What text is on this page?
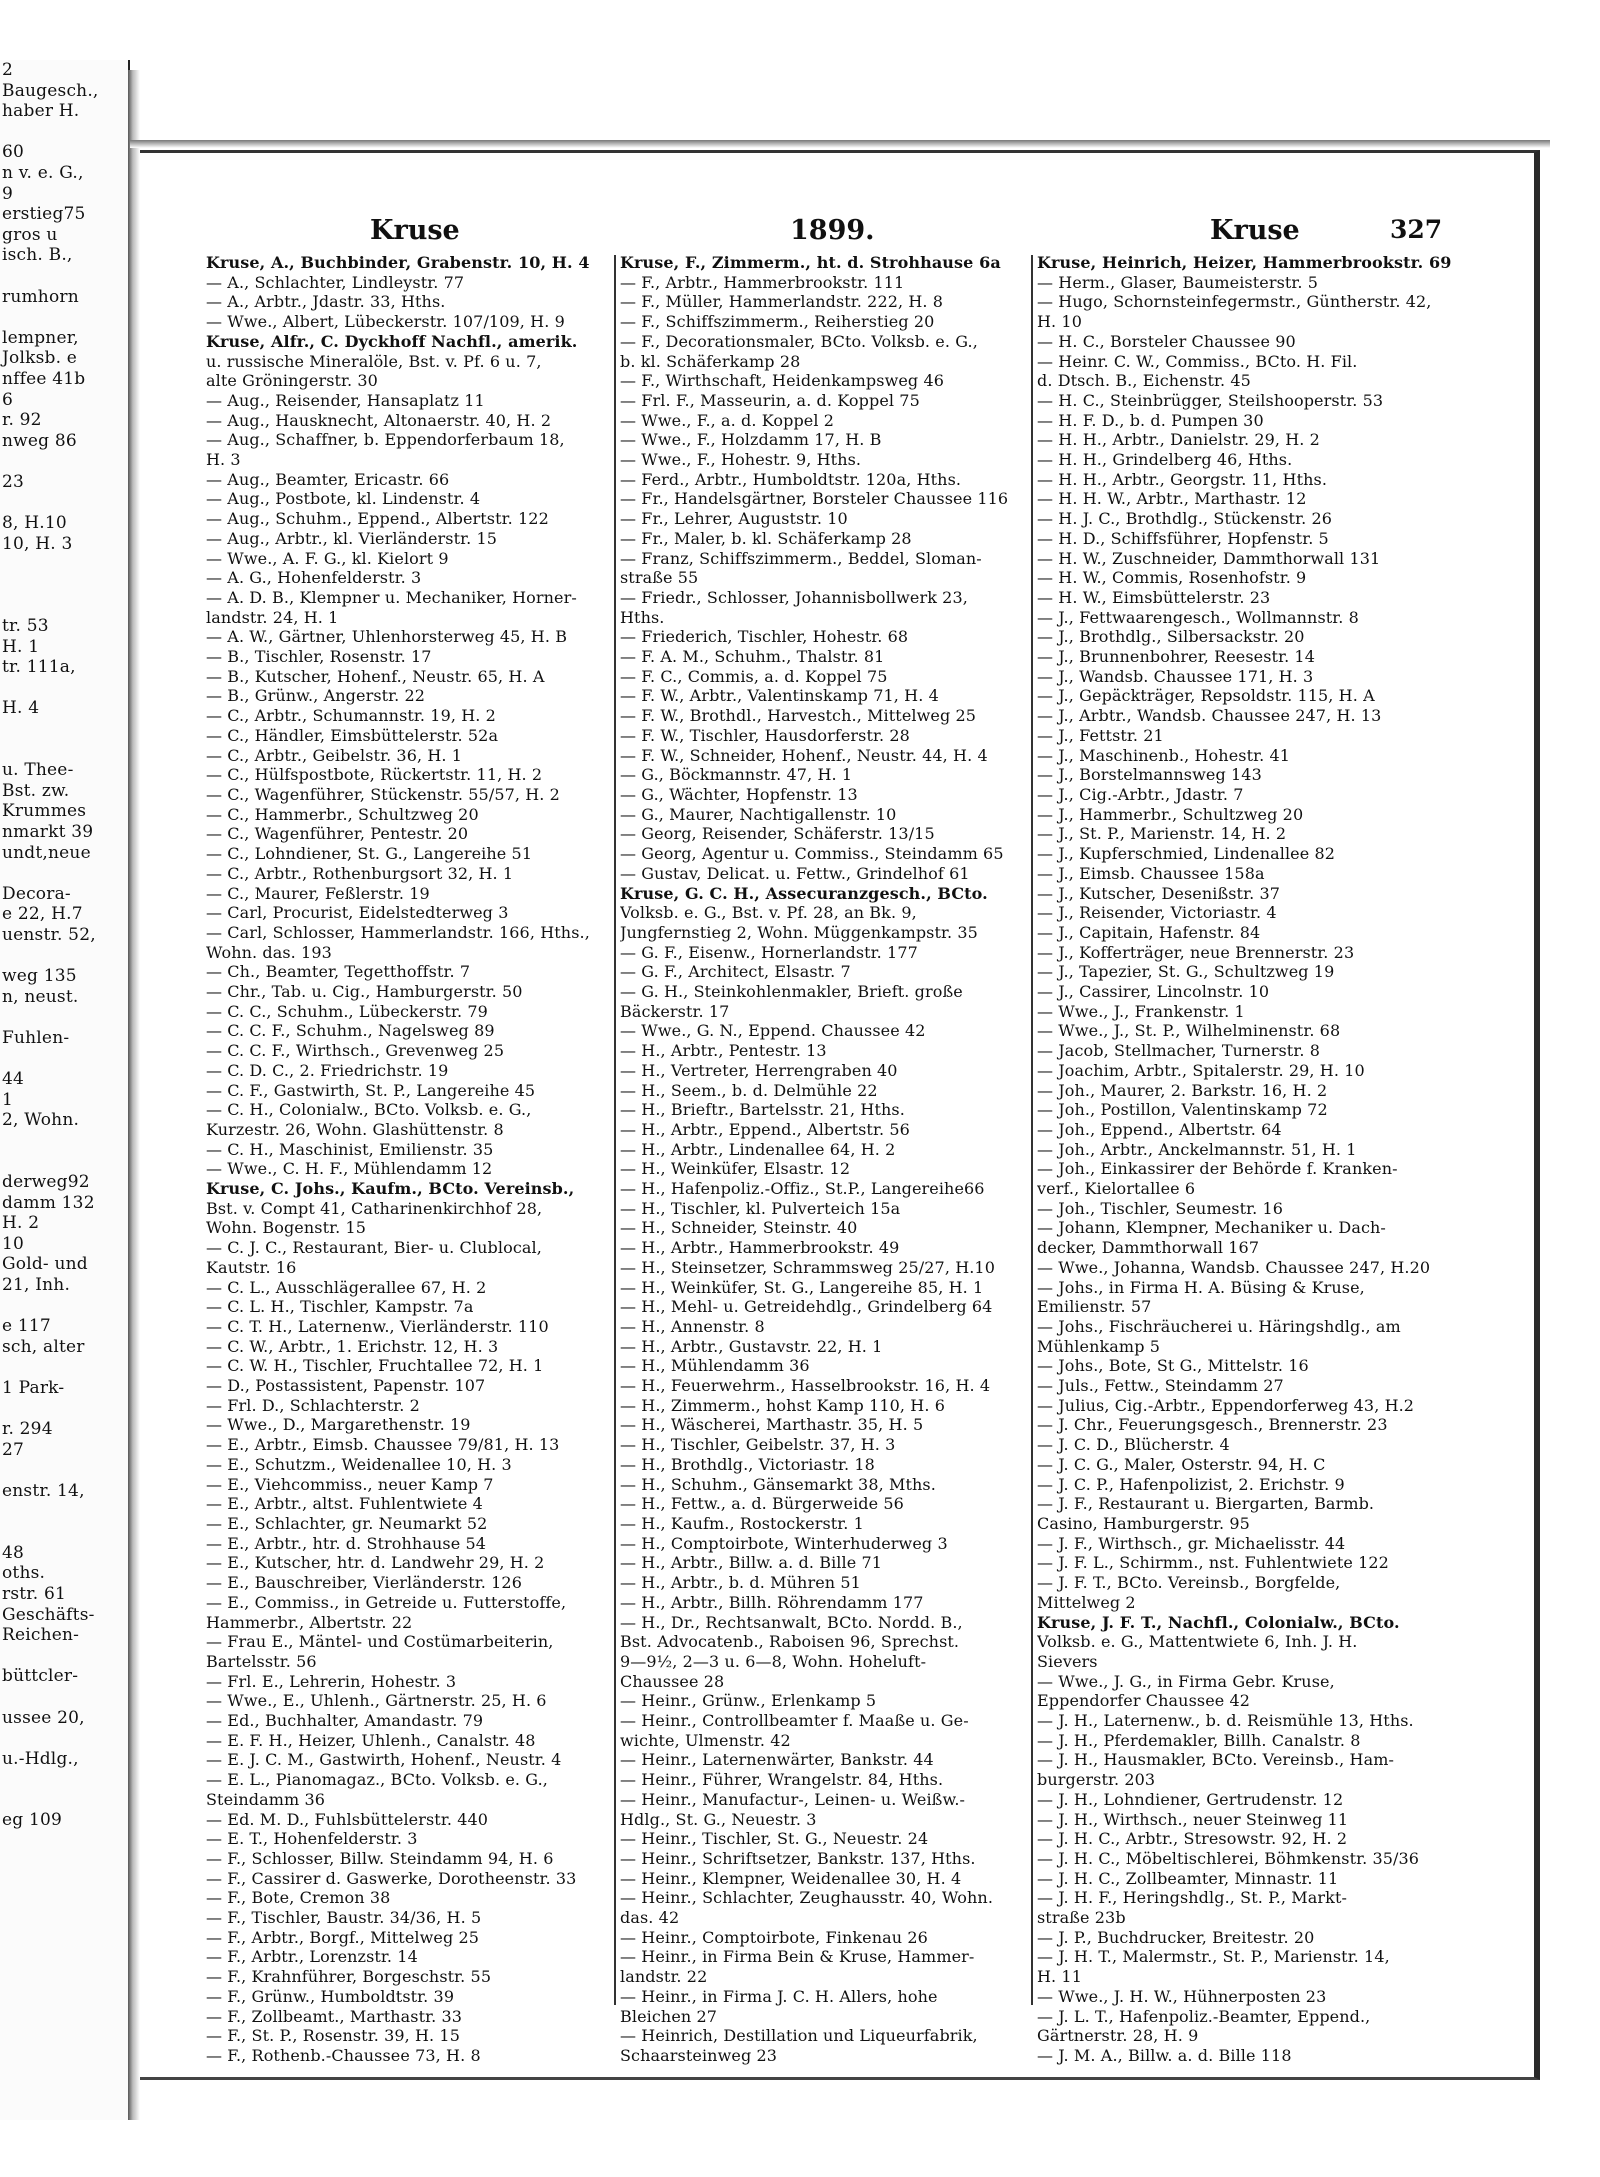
2
Baugesch.,
haber H.

60
n v. e. G.,
9
erstieg75
gros u
isch. B.,

rumhorn

lempner,
Jolksb. e
nffee 41b
6
r. 92
nweg 86

23

8, H.10
10, H. 3

tr. 53
H. 1
tr. 111a,

H. 4

u. Thee-
Bst. zw.
Krummes
nmarkt 39
undt,neue

Decora-
e 22, H.7
uenstr. 52,

weg 135
n, neust.

Fuhlen-

44
1
2, Wohn.

derweg92
damm 132
H. 2
10
Gold- und
21, Inh.

e 117
sch, alter

1 Park-

r. 294
27

enstr. 14,

48
oths.
rstr. 61
Geschäfts-
Reichen-

büttcler-

ussee 20,

u.-Hdlg.,

eg 109
Kruse	1899.	Kruse	327
Kruse, A., Buchbinder, Grabenstr. 10, H. 4
— A., Schlachter, Lindleystr. 77
— A., Arbtr., Jdastr. 33, Hths.
— Wwe., Albert, Lübeckerstr. 107/109, H. 9
Kruse, Alfr., C. Dyckhoff Nachfl., amerik.
u. russische Mineralöle, Bst. v. Pf. 6 u. 7,
alte Gröningerstr. 30
— Aug., Reisender, Hansaplatz 11
— Aug., Hausknecht, Altonaerstr. 40, H. 2
— Aug., Schaffner, b. Eppendorferbaum 18,
H. 3
— Aug., Beamter, Ericastr. 66
— Aug., Postbote, kl. Lindenstr. 4
— Aug., Schuhm., Eppend., Albertstr. 122
— Aug., Arbtr., kl. Vierländerstr. 15
— Wwe., A. F. G., kl. Kielort 9
— A. G., Hohenfelderstr. 3
— A. D. B., Klempner u. Mechaniker, Horner-
landstr. 24, H. 1
— A. W., Gärtner, Uhlenhorsterweg 45, H. B
— B., Tischler, Rosenstr. 17
— B., Kutscher, Hohenf., Neustr. 65, H. A
— B., Grünw., Angerstr. 22
— C., Arbtr., Schumannstr. 19, H. 2
— C., Händler, Eimsbüttelerstr. 52a
— C., Arbtr., Geibelstr. 36, H. 1
— C., Hülfspostbote, Rückertstr. 11, H. 2
— C., Wagenführer, Stückenstr. 55/57, H. 2
— C., Hammerbr., Schultzweg 20
— C., Wagenführer, Pentestr. 20
— C., Lohndiener, St. G., Langereihe 51
— C., Arbtr., Rothenburgsort 32, H. 1
— C., Maurer, Feßlerstr. 19
— Carl, Procurist, Eidelstedterweg 3
— Carl, Schlosser, Hammerlandstr. 166, Hths.,
Wohn. das. 193
— Ch., Beamter, Tegetthoffstr. 7
— Chr., Tab. u. Cig., Hamburgerstr. 50
— C. C., Schuhm., Lübeckerstr. 79
— C. C. F., Schuhm., Nagelsweg 89
— C. C. F., Wirthsch., Grevenweg 25
— C. D. C., 2. Friedrichstr. 19
— C. F., Gastwirth, St. P., Langereihe 45
— C. H., Colonialw., BCto. Volksb. e. G.,
Kurzestr. 26, Wohn. Glashüttenstr. 8
— C. H., Maschinist, Emilienstr. 35
— Wwe., C. H. F., Mühlendamm 12
Kruse, C. Johs., Kaufm., BCto. Vereinsb.,
Bst. v. Compt 41, Catharinenkirchhof 28,
Wohn. Bogenstr. 15
— C. J. C., Restaurant, Bier- u. Clublocal,
Kautstr. 16
— C. L., Ausschlägerallee 67, H. 2
— C. L. H., Tischler, Kampstr. 7a
— C. T. H., Laternenw., Vierländerstr. 110
— C. W., Arbtr., 1. Erichstr. 12, H. 3
— C. W. H., Tischler, Fruchtallee 72, H. 1
— D., Postassistent, Papenstr. 107
— Frl. D., Schlachterstr. 2
— Wwe., D., Margarethenstr. 19
— E., Arbtr., Eimsb. Chaussee 79/81, H. 13
— E., Schutzm., Weidenallee 10, H. 3
— E., Viehcommiss., neuer Kamp 7
— E., Arbtr., altst. Fuhlentwiete 4
— E., Schlachter, gr. Neumarkt 52
— E., Arbtr., htr. d. Strohhause 54
— E., Kutscher, htr. d. Landwehr 29, H. 2
— E., Bauschreiber, Vierländerstr. 126
— E., Commiss., in Getreide u. Futterstoffe,
Hammerbr., Albertstr. 22
— Frau E., Mäntel- und Costümarbeiterin,
Bartelsstr. 56
— Frl. E., Lehrerin, Hohestr. 3
— Wwe., E., Uhlenh., Gärtnerstr. 25, H. 6
— Ed., Buchhalter, Amandastr. 79
— E. F. H., Heizer, Uhlenh., Canalstr. 48
— E. J. C. M., Gastwirth, Hohenf., Neustr. 4
— E. L., Pianomagaz., BCto. Volksb. e. G.,
Steindamm 36
— Ed. M. D., Fuhlsbüttelerstr. 440
— E. T., Hohenfelderstr. 3
— F., Schlosser, Billw. Steindamm 94, H. 6
— F., Cassirer d. Gaswerke, Dorotheenstr. 33
— F., Bote, Cremon 38
— F., Tischler, Baustr. 34/36, H. 5
— F., Arbtr., Borgf., Mittelweg 25
— F., Arbtr., Lorenzstr. 14
— F., Krahnführer, Borgeschstr. 55
— F., Grünw., Humboldtstr. 39
— F., Zollbeamt., Marthastr. 33
— F., St. P., Rosenstr. 39, H. 15
— F., Rothenb.-Chaussee 73, H. 8
Kruse, F., Zimmerm., ht. d. Strohhause 6a
— F., Arbtr., Hammerbrookstr. 111
— F., Müller, Hammerlandstr. 222, H. 8
— F., Schiffszimmerm., Reiherstieg 20
— F., Decorationsmaler, BCto. Volksb. e. G.,
b. kl. Schäferkamp 28
— F., Wirthschaft, Heidenkampsweg 46
— Frl. F., Masseurin, a. d. Koppel 75
— Wwe., F., a. d. Koppel 2
— Wwe., F., Holzdamm 17, H. B
— Wwe., F., Hohestr. 9, Hths.
— Ferd., Arbtr., Humboldtstr. 120a, Hths.
— Fr., Handelsgärtner, Borsteler Chaussee 116
— Fr., Lehrer, Auguststr. 10
— Fr., Maler, b. kl. Schäferkamp 28
— Franz, Schiffszimmerm., Beddel, Sloman-
straße 55
— Friedr., Schlosser, Johannisbollwerk 23,
Hths.
— Friederich, Tischler, Hohestr. 68
— F. A. M., Schuhm., Thalstr. 81
— F. C., Commis, a. d. Koppel 75
— F. W., Arbtr., Valentinskamp 71, H. 4
— F. W., Brothdl., Harvestch., Mittelweg 25
— F. W., Tischler, Hausdorferstr. 28
— F. W., Schneider, Hohenf., Neustr. 44, H. 4
— G., Böckmannstr. 47, H. 1
— G., Wächter, Hopfenstr. 13
— G., Maurer, Nachtigallenstr. 10
— Georg, Reisender, Schäferstr. 13/15
— Georg, Agentur u. Commiss., Steindamm 65
— Gustav, Delicat. u. Fettw., Grindelhof 61
Kruse, G. C. H., Assecuranzgesch., BCto.
Volksb. e. G., Bst. v. Pf. 28, an Bk. 9,
Jungfernstieg 2, Wohn. Müggenkampstr. 35
— G. F., Eisenw., Hornerlandstr. 177
— G. F., Architect, Elsastr. 7
— G. H., Steinkohlenmakler, Brieft. große
Bäckerstr. 17
— Wwe., G. N., Eppend. Chaussee 42
— H., Arbtr., Pentestr. 13
— H., Vertreter, Herrengraben 40
— H., Seem., b. d. Delmühle 22
— H., Brieftr., Bartelsstr. 21, Hths.
— H., Arbtr., Eppend., Albertstr. 56
— H., Arbtr., Lindenallee 64, H. 2
— H., Weinküfer, Elsastr. 12
— H., Hafenpoliz.-Offiz., St.P., Langereihe66
— H., Tischler, kl. Pulverteich 15a
— H., Schneider, Steinstr. 40
— H., Arbtr., Hammerbrookstr. 49
— H., Steinsetzer, Schrammsweg 25/27, H.10
— H., Weinküfer, St. G., Langereihe 85, H. 1
— H., Mehl- u. Getreidehdlg., Grindelberg 64
— H., Annenstr. 8
— H., Arbtr., Gustavstr. 22, H. 1
— H., Mühlendamm 36
— H., Feuerwehrm., Hasselbrookstr. 16, H. 4
— H., Zimmerm., hohst Kamp 110, H. 6
— H., Wäscherei, Marthastr. 35, H. 5
— H., Tischler, Geibelstr. 37, H. 3
— H., Brothdlg., Victoriastr. 18
— H., Schuhm., Gänsemarkt 38, Mths.
— H., Fettw., a. d. Bürgerweide 56
— H., Kaufm., Rostockerstr. 1
— H., Comptoirbote, Winterhuderweg 3
— H., Arbtr., Billw. a. d. Bille 71
— H., Arbtr., b. d. Mühren 51
— H., Arbtr., Billh. Röhrendamm 177
— H., Dr., Rechtsanwalt, BCto. Nordd. B.,
Bst. Advocatenb., Raboisen 96, Sprechst.
9—9½, 2—3 u. 6—8, Wohn. Hoheluft-
Chaussee 28
— Heinr., Grünw., Erlenkamp 5
— Heinr., Controllbeamter f. Maaße u. Ge-
wichte, Ulmenstr. 42
— Heinr., Laternenwärter, Bankstr. 44
— Heinr., Führer, Wrangelstr. 84, Hths.
— Heinr., Manufactur-, Leinen- u. Weißw.-
Hdlg., St. G., Neuestr. 3
— Heinr., Tischler, St. G., Neuestr. 24
— Heinr., Schriftsetzer, Bankstr. 137, Hths.
— Heinr., Klempner, Weidenallee 30, H. 4
— Heinr., Schlachter, Zeughausstr. 40, Wohn.
das. 42
— Heinr., Comptoirbote, Finkenau 26
— Heinr., in Firma Bein & Kruse, Hammer-
landstr. 22
— Heinr., in Firma J. C. H. Allers, hohe
Bleichen 27
— Heinrich, Destillation und Liqueurfabrik,
Schaarsteinweg 23
Kruse, Heinrich, Heizer, Hammerbrookstr. 69
— Herm., Glaser, Baumeisterstr. 5
— Hugo, Schornsteinfegermstr., Güntherstr. 42,
H. 10
— H. C., Borsteler Chaussee 90
— Heinr. C. W., Commiss., BCto. H. Fil.
d. Dtsch. B., Eichenstr. 45
— H. C., Steinbrügger, Steilshooperstr. 53
— H. F. D., b. d. Pumpen 30
— H. H., Arbtr., Danielstr. 29, H. 2
— H. H., Grindelberg 46, Hths.
— H. H., Arbtr., Georgstr. 11, Hths.
— H. H. W., Arbtr., Marthastr. 12
— H. J. C., Brothdlg., Stückenstr. 26
— H. D., Schiffsführer, Hopfenstr. 5
— H. W., Zuschneider, Dammthorwall 131
— H. W., Commis, Rosenhofstr. 9
— H. W., Eimsbüttelerstr. 23
— J., Fettwaarengesch., Wollmannstr. 8
— J., Brothdlg., Silbersackstr. 20
— J., Brunnenbohrer, Reesestr. 14
— J., Wandsb. Chaussee 171, H. 3
— J., Gepäckträger, Repsoldstr. 115, H. A
— J., Arbtr., Wandsb. Chaussee 247, H. 13
— J., Fettstr. 21
— J., Maschinenb., Hohestr. 41
— J., Borstelmannsweg 143
— J., Cig.-Arbtr., Jdastr. 7
— J., Hammerbr., Schultzweg 20
— J., St. P., Marienstr. 14, H. 2
— J., Kupferschmied, Lindenallee 82
— J., Eimsb. Chaussee 158a
— J., Kutscher, Desenißstr. 37
— J., Reisender, Victoriastr. 4
— J., Capitain, Hafenstr. 84
— J., Kofferträger, neue Brennerstr. 23
— J., Tapezier, St. G., Schultzweg 19
— J., Cassirer, Lincolnstr. 10
— Wwe., J., Frankenstr. 1
— Wwe., J., St. P., Wilhelminenstr. 68
— Jacob, Stellmacher, Turnerstr. 8
— Joachim, Arbtr., Spitalerstr. 29, H. 10
— Joh., Maurer, 2. Barkstr. 16, H. 2
— Joh., Postillon, Valentinskamp 72
— Joh., Eppend., Albertstr. 64
— Joh., Arbtr., Anckelmannstr. 51, H. 1
— Joh., Einkassirer der Behörde f. Kranken-
verf., Kielortallee 6
— Joh., Tischler, Seumestr. 16
— Johann, Klempner, Mechaniker u. Dach-
decker, Dammthorwall 167
— Wwe., Johanna, Wandsb. Chaussee 247, H.20
— Johs., in Firma H. A. Büsing & Kruse,
Emilienstr. 57
— Johs., Fischräucherei u. Häringshdlg., am
Mühlenkamp 5
— Johs., Bote, St G., Mittelstr. 16
— Juls., Fettw., Steindamm 27
— Julius, Cig.-Arbtr., Eppendorferweg 43, H.2
— J. Chr., Feuerungsgesch., Brennerstr. 23
— J. C. D., Blücherstr. 4
— J. C. G., Maler, Osterstr. 94, H. C
— J. C. P., Hafenpolizist, 2. Erichstr. 9
— J. F., Restaurant u. Biergarten, Barmb.
Casino, Hamburgerstr. 95
— J. F., Wirthsch., gr. Michaelisstr. 44
— J. F. L., Schirmm., nst. Fuhlentwiete 122
— J. F. T., BCto. Vereinsb., Borgfelde,
Mittelweg 2
Kruse, J. F. T., Nachfl., Colonialw., BCto.
Volksb. e. G., Mattentwiete 6, Inh. J. H.
Sievers
— Wwe., J. G., in Firma Gebr. Kruse,
Eppendorfer Chaussee 42
— J. H., Laternenw., b. d. Reismühle 13, Hths.
— J. H., Pferdemakler, Billh. Canalstr. 8
— J. H., Hausmakler, BCto. Vereinsb., Ham-
burgerstr. 203
— J. H., Lohndiener, Gertrudenstr. 12
— J. H., Wirthsch., neuer Steinweg 11
— J. H. C., Arbtr., Stresowstr. 92, H. 2
— J. H. C., Möbeltischlerei, Böhmkenstr. 35/36
— J. H. C., Zollbeamter, Minnastr. 11
— J. H. F., Heringshdlg., St. P., Markt-
straße 23b
— J. P., Buchdrucker, Breitestr. 20
— J. H. T., Malermstr., St. P., Marienstr. 14,
H. 11
— Wwe., J. H. W., Hühnerposten 23
— J. L. T., Hafenpoliz.-Beamter, Eppend.,
Gärtnerstr. 28, H. 9
— J. M. A., Billw. a. d. Bille 118
